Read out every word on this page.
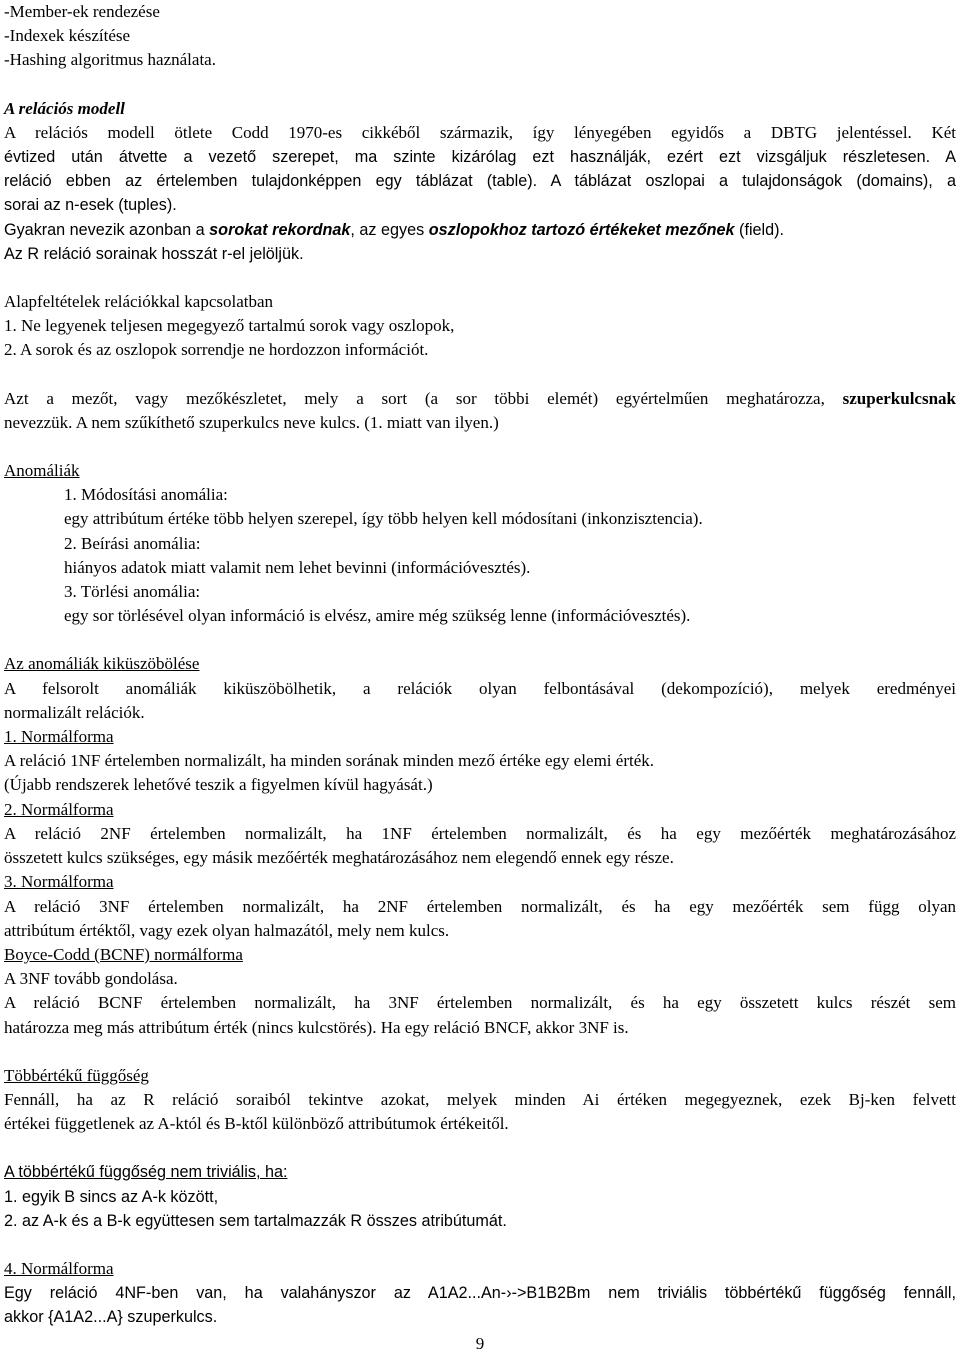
-Member-ek rendezése

-Indexek készítése

-Hashing algoritmus haználata.

A relációs modell

A relációs modell ötlete Codd 1970-es cikkéből származik, így lényegében egyidős a DBTG jelentéssel. Két

évtized után átvette a vezető szerepet, ma szinte kizárólag ezt használják, ezért ezt vizsgáljuk részletesen. A

reláció ebben az értelemben tulajdonképpen egy táblázat (table). A táblázat oszlopai a tulajdonságok (domains), a

sorai az n-esek (tuples).

Gyakran nevezik azonban a sorokat rekordnak, az egyes oszlopokhoz tartozó értékeket mezőnek (field).

Az R reláció sorainak hosszát r-el jelöljük.

Alapfeltételek relációkkal kapcsolatban

1. Ne legyenek teljesen megegyező tartalmú sorok vagy oszlopok,

2. A sorok és az oszlopok sorrendje ne hordozzon információt.

Azt a mezőt, vagy mezőkészletet, mely a sort (a sor többi elemét) egyértelműen meghatározza, szuperkulcsnak

nevezzük. A nem szűkíthető szuperkulcs neve kulcs. (1. miatt van ilyen.)

Anomáliák

1. Módosítási anomália:

egy attribútum értéke több helyen szerepel, így több helyen kell módosítani (inkonzisztencia).

2. Beírási anomália:

hiányos adatok miatt valamit nem lehet bevinni (információvesztés).

3. Törlési anomália:

egy sor törlésével olyan információ is elvész, amire még szükség lenne (információvesztés).

Az anomáliák kiküszöbölése

A felsorolt anomáliák kiküszöbölhetik, a relációk olyan felbontásával (dekompozíció), melyek eredményei

normalizált relációk.

1. Normálforma

A reláció 1NF értelemben normalizált, ha minden sorának minden mező értéke egy elemi érték.

(Újabb rendszerek lehetővé teszik a figyelmen kívül hagyását.)

2. Normálforma

A reláció 2NF értelemben normalizált, ha 1NF értelemben normalizált, és ha egy mezőérték meghatározásához

összetett kulcs szükséges, egy másik mezőérték meghatározásához nem elegendő ennek egy része.

3. Normálforma

A reláció 3NF értelemben normalizált, ha 2NF értelemben normalizált, és ha egy mezőérték sem függ olyan

attribútum értéktől, vagy ezek olyan halmazától, mely nem kulcs.

Boyce-Codd (BCNF) normálforma

A 3NF tovább gondolása.

A reláció BCNF értelemben normalizált, ha 3NF értelemben normalizált, és ha egy összetett kulcs részét sem

határozza meg más attribútum érték (nincs kulcstörés). Ha egy reláció BNCF, akkor 3NF is.

Többértékű függőség

Fennáll, ha az R reláció soraiból tekintve azokat, melyek minden Ai értéken megegyeznek, ezek Bj-ken felvett

értékei függetlenek az A-któl és B-ktől különböző attribútumok értékeitől.

A többértékű függőség nem triviális, ha:

1. egyik B sincs az A-k között,

2. az A-k és a B-k együttesen sem tartalmazzák R összes atribútumát.

4. Normálforma

Egy reláció 4NF-ben van, ha valahányszor az A1A2...An-›->B1B2Bm nem triviális többértékű függőség fennáll,

akkor {A1A2...A} szuperkulcs.

9
